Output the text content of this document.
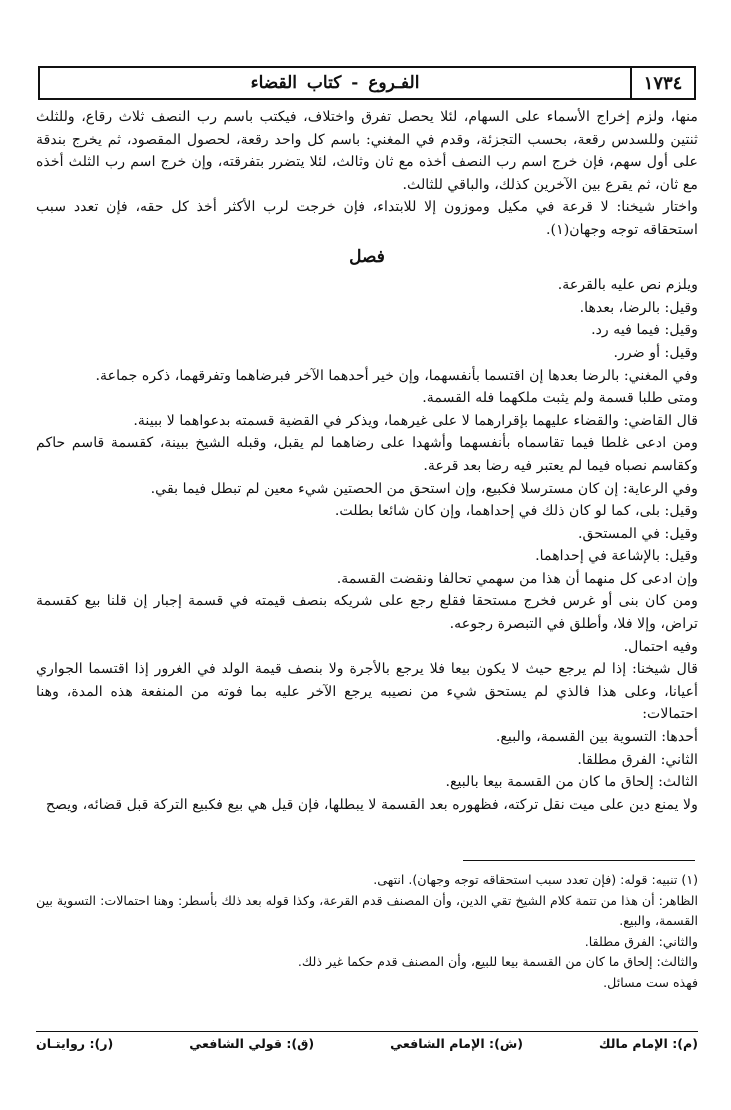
١٧٣٤
الفـروع - كتاب القضاء

منها، ولزم إخراج الأسماء على السهام، لئلا يحصل تفرق واختلاف، فيكتب باسم رب النصف ثلاث رقاع، وللثلث ثنتين وللسدس رقعة، بحسب التجزئة، وقدم في المغني: باسم كل واحد رقعة، لحصول المقصود، ثم يخرج بندقة على أول سهم، فإن خرج اسم رب النصف أخذه مع ثان وثالث، لئلا يتضرر بتفرقته، وإن خرج اسم رب الثلث أخذه مع ثان، ثم يقرع بين الآخرين كذلك، والباقي للثالث.

واختار شيخنا: لا قرعة في مكيل وموزون إلا للابتداء، فإن خرجت لرب الأكثر أخذ كل حقه، فإن تعدد سبب استحقاقه توجه وجهان(١).

فصل

ويلزم نص عليه بالقرعة.

وقيل: بالرضا، بعدها.

وقيل: فيما فيه رد.

وقيل: أو ضرر.

وفي المغني: بالرضا بعدها إن اقتسما بأنفسهما، وإن خير أحدهما الآخر فبرضاهما وتفرقهما، ذكره جماعة.

ومتى طلبا قسمة ولم يثبت ملكهما فله القسمة.

قال القاضي: والقضاء عليهما بإقرارهما لا على غيرهما، ويذكر في القضية قسمته بدعواهما لا ببينة.

ومن ادعى غلطا فيما تقاسماه بأنفسهما وأشهدا على رضاهما لم يقبل، وقبله الشيخ ببينة، كقسمة قاسم حاكم وكقاسم نصباه فيما لم يعتبر فيه رضا بعد قرعة.

وفي الرعاية: إن كان مسترسلا فكبيع، وإن استحق من الحصتين شيء معين لم تبطل فيما بقي.

وقيل: بلى، كما لو كان ذلك في إحداهما، وإن كان شائعا بطلت.

وقيل: في المستحق.

وقيل: بالإشاعة في إحداهما.

وإن ادعى كل منهما أن هذا من سهمي تحالفا ونقضت القسمة.

ومن كان بنى أو غرس فخرج مستحقا فقلع رجع على شريكه بنصف قيمته في قسمة إجبار إن قلنا بيع كقسمة تراض، وإلا فلا، وأطلق في التبصرة رجوعه.

وفيه احتمال.

قال شيخنا: إذا لم يرجع حيث لا يكون بيعا فلا يرجع بالأجرة ولا بنصف قيمة الولد في الغرور إذا اقتسما الجواري أعيانا، وعلى هذا فالذي لم يستحق شيء من نصيبه يرجع الآخر عليه بما فوته من المنفعة هذه المدة، وهنا احتمالات:

أحدها: التسوية بين القسمة، والبيع.

الثاني: الفرق مطلقا.

الثالث: إلحاق ما كان من القسمة بيعا بالبيع.

ولا يمنع دين على ميت نقل تركته، فظهوره بعد القسمة لا يبطلها، فإن قيل هي بيع فكبيع التركة قبل قضائه، ويصح

(١) تنبيه: قوله: (فإن تعدد سبب استحقاقه توجه وجهان). انتهى.

الظاهر: أن هذا من تتمة كلام الشيخ تقي الدين، وأن المصنف قدم القرعة، وكذا قوله بعد ذلك بأسطر: وهنا احتمالات: التسوية بين القسمة، والبيع.

والثاني: الفرق مطلقا.

والثالث: إلحاق ما كان من القسمة بيعا للبيع، وأن المصنف قدم حكما غير ذلك.

فهذه ست مسائل.

(م): الإمام مالك
(ش): الإمام الشافعي
(ق): قولي الشافعي
(ر): روايتـان
